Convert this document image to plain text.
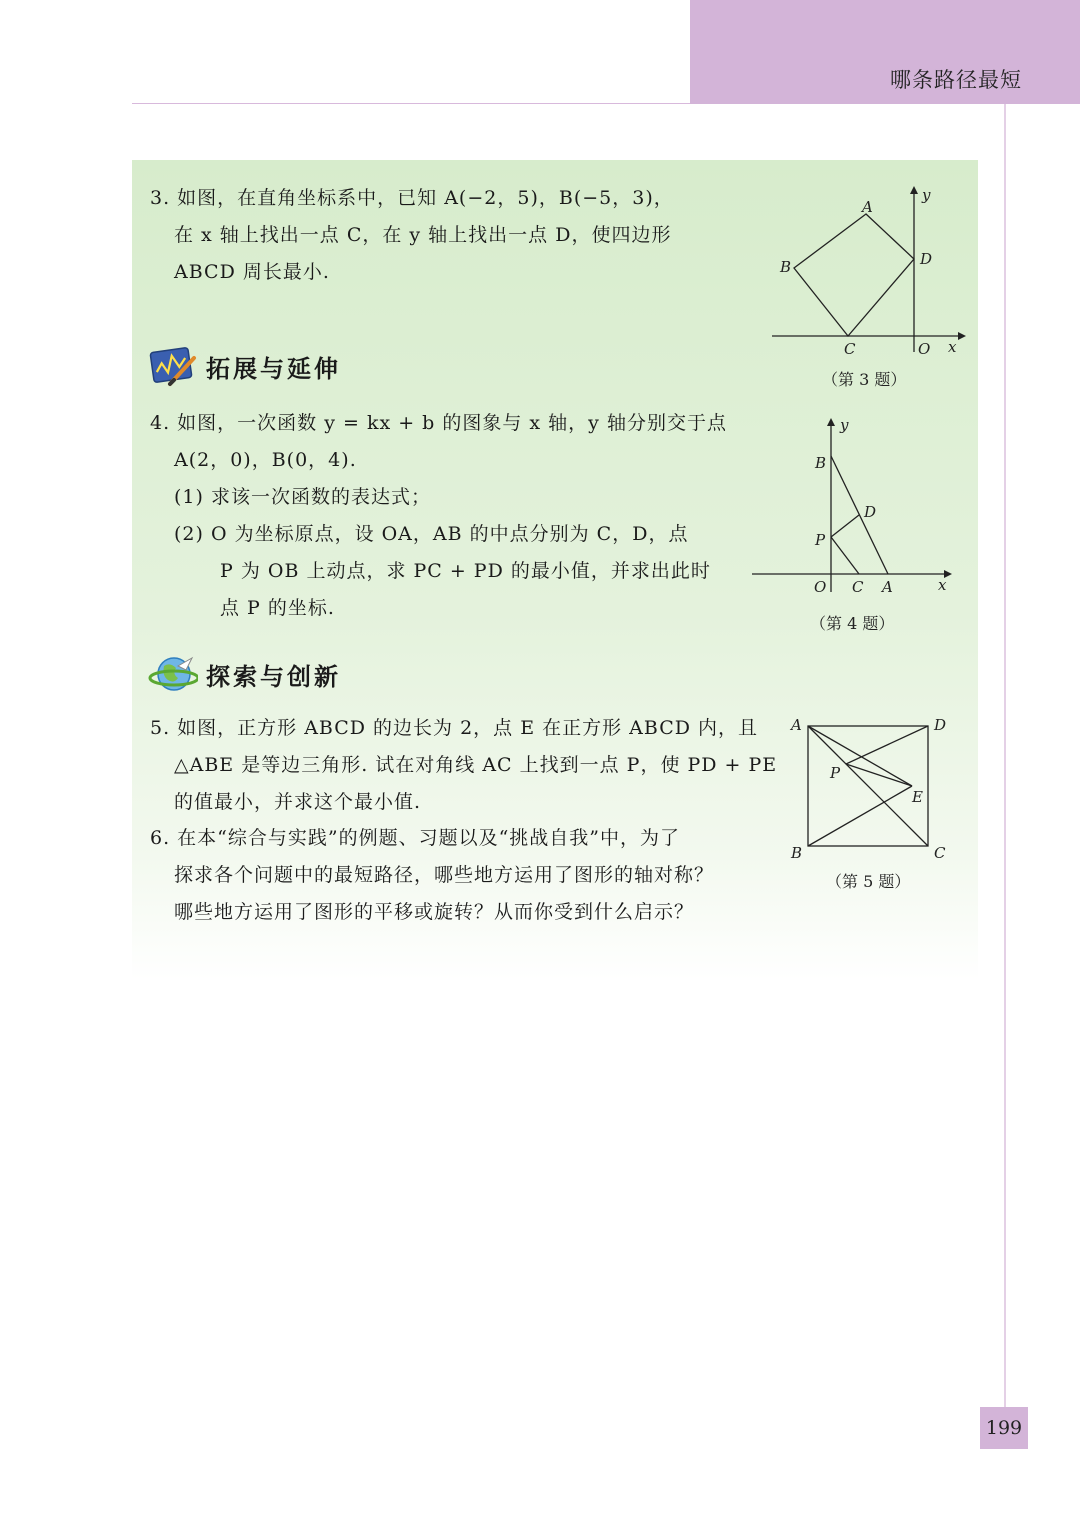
哪条路径最短
3. 如图，在直角坐标系中，已知 A(−2，5)，B(−5，3)，
在 x 轴上找出一点 C，在 y 轴上找出一点 D，使四边形
ABCD 周长最小.
A
B
C
D
O x
y
（第 3 题）
拓展与延伸
4. 如图，一次函数 y = kx + b 的图象与 x 轴，y 轴分别交于点
A(2，0)，B(0，4).
(1) 求该一次函数的表达式；
(2) O 为坐标原点，设 OA，AB 的中点分别为 C，D，点
P 为 OB 上动点，求 PC + PD 的最小值，并求出此时
点 P 的坐标.
B
D
P
O C A	x
y
（第 4 题）
探索与创新
5. 如图，正方形 ABCD 的边长为 2，点 E 在正方形 ABCD 内，且
△ABE 是等边三角形. 试在对角线 AC 上找到一点 P，使 PD + PE
的值最小，并求这个最小值.
A	D
B	C
P
E
（第 5 题）
6. 在本“综合与实践”的例题、习题以及“挑战自我”中，为了
探求各个问题中的最短路径，哪些地方运用了图形的轴对称？
哪些地方运用了图形的平移或旋转？从而你受到什么启示？
199
